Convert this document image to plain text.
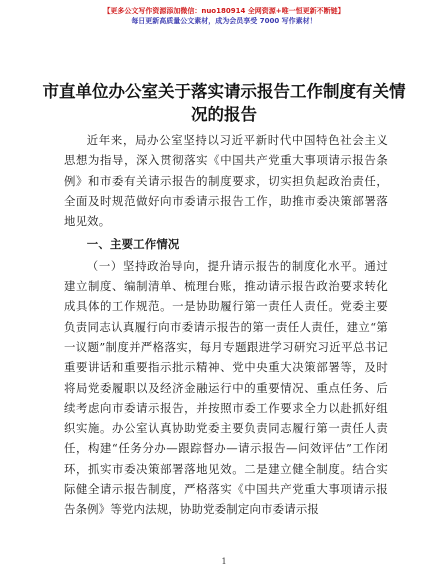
【更多公文写作资源添加微信：nuo180914 全网资源+唯一恒更新不断链】
每日更新高质量公文素材，成为会员享受 7000 写作素材！
市直单位办公室关于落实请示报告工作制度有关情况的报告

近年来，局办公室坚持以习近平新时代中国特色社会主义思想为指导，深入贯彻落实《中国共产党重大事项请示报告条例》和市委有关请示报告的制度要求，切实担负起政治责任，全面及时规范做好向市委请示报告工作，助推市委决策部署落地见效。

一、主要工作情况

（一）坚持政治导向，提升请示报告的制度化水平。通过建立制度、编制清单、梳理台账，推动请示报告政治要求转化成具体的工作规范。一是协助履行第一责任人责任。党委主要负责同志认真履行向市委请示报告的第一责任人责任，建立“第一议题”制度并严格落实，每月专题跟进学习研究习近平总书记重要讲话和重要指示批示精神、党中央重大决策部署等，及时将局党委履职以及经济金融运行中的重要情况、重点任务、后续考虑向市委请示报告，并按照市委工作要求全力以赴抓好组织实施。办公室认真协助党委主要负责同志履行第一责任人责任，构建“任务分办—跟踪督办—请示报告—问效评估”工作闭环，抓实市委决策部署落地见效。二是建立健全制度。结合实际健全请示报告制度，严格落实《中国共产党重大事项请示报告条例》等党内法规，协助党委制定向市委请示报

1
